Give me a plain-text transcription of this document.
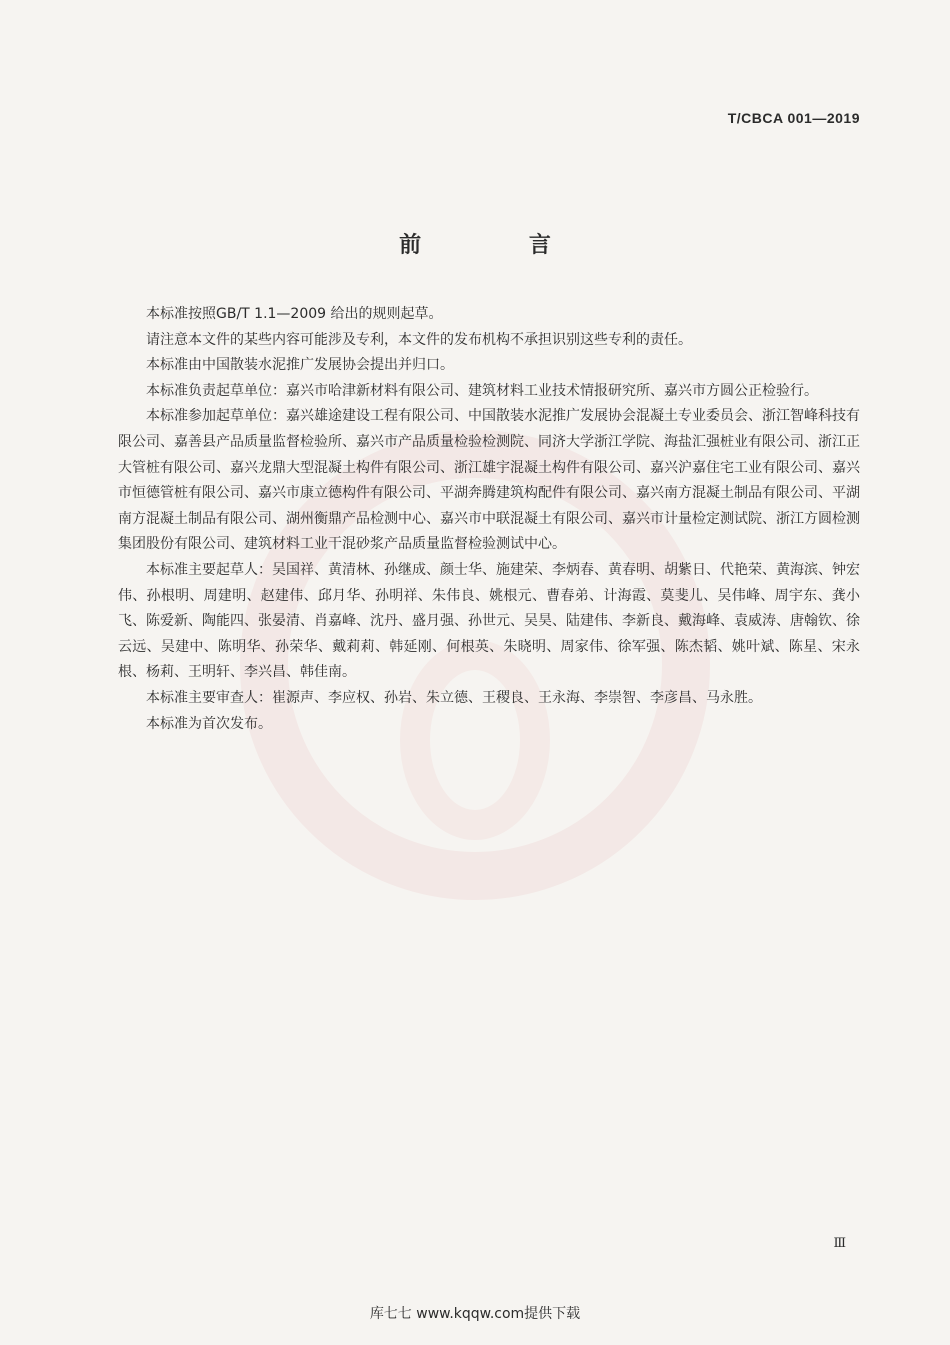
T/CBCA 001—2019
前 言

本标准按照GB/T 1.1—2009 给出的规则起草。

请注意本文件的某些内容可能涉及专利，本文件的发布机构不承担识别这些专利的责任。

本标准由中国散装水泥推广发展协会提出并归口。

本标准负责起草单位：嘉兴市哈津新材料有限公司、建筑材料工业技术情报研究所、嘉兴市方圆公正检验行。

本标准参加起草单位：嘉兴雄途建设工程有限公司、中国散装水泥推广发展协会混凝土专业委员会、浙江智峰科技有限公司、嘉善县产品质量监督检验所、嘉兴市产品质量检验检测院、同济大学浙江学院、海盐汇强桩业有限公司、浙江正大管桩有限公司、嘉兴龙鼎大型混凝土构件有限公司、浙江雄宇混凝土构件有限公司、嘉兴沪嘉住宅工业有限公司、嘉兴市恒德管桩有限公司、嘉兴市康立德构件有限公司、平湖奔腾建筑构配件有限公司、嘉兴南方混凝土制品有限公司、平湖南方混凝土制品有限公司、湖州衡鼎产品检测中心、嘉兴市中联混凝土有限公司、嘉兴市计量检定测试院、浙江方圆检测集团股份有限公司、建筑材料工业干混砂浆产品质量监督检验测试中心。

本标准主要起草人：吴国祥、黄清林、孙继成、颜士华、施建荣、李炳春、黄春明、胡紫日、代艳荣、黄海滨、钟宏伟、孙根明、周建明、赵建伟、邱月华、孙明祥、朱伟良、姚根元、曹春弟、计海霞、莫斐儿、吴伟峰、周宇东、龚小飞、陈爱新、陶能四、张晏清、肖嘉峰、沈丹、盛月强、孙世元、吴昊、陆建伟、李新良、戴海峰、袁威涛、唐翰钦、徐云远、吴建中、陈明华、孙荣华、戴莉莉、韩延刚、何根英、朱晓明、周家伟、徐军强、陈杰韬、姚叶斌、陈星、宋永根、杨莉、王明轩、李兴昌、韩佳南。

本标准主要审查人：崔源声、李应权、孙岩、朱立德、王稷良、王永海、李崇智、李彦昌、马永胜。

本标准为首次发布。

Ⅲ
库七七 www.kqqw.com提供下载
